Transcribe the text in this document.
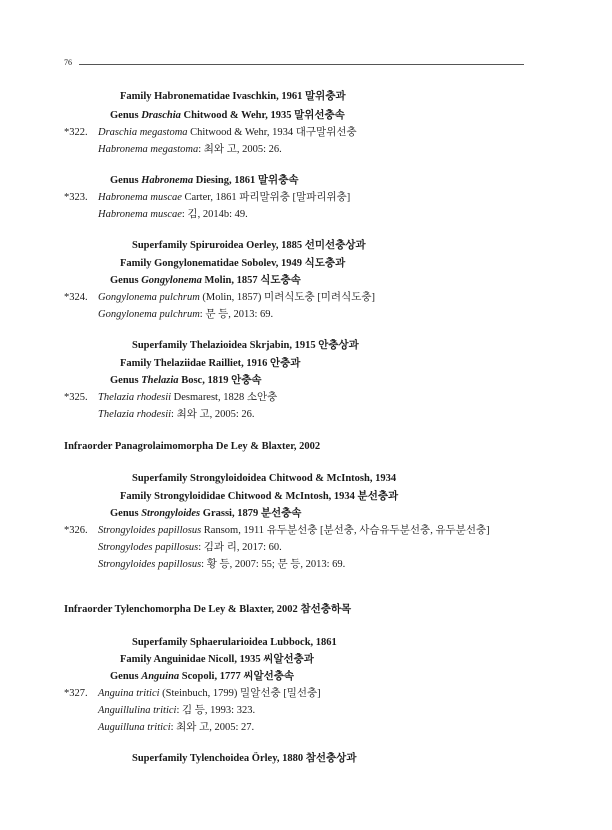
76
Family Habronematidae Ivaschkin, 1961 말위충과
Genus Draschia Chitwood & Wehr, 1935 말위선충속
*322. Draschia megastoma Chitwood & Wehr, 1934 대구말위선충
Habronema megastoma: 최와 고, 2005: 26.
Genus Habronema Diesing, 1861 말위충속
*323. Habronema muscae Carter, 1861 파리말위충 [말파리위충]
Habronema muscae: 김, 2014b: 49.
Superfamily Spiruroidea Oerley, 1885 선미선충상과
Family Gongylonematidae Sobolev, 1949 식도충과
Genus Gongylonema Molin, 1857 식도충속
*324. Gongylonema pulchrum (Molin, 1857) 미려식도충 [미려식도충]
Gongylonema pulchrum: 문 등, 2013: 69.
Superfamily Thelazioidea Skrjabin, 1915 안충상과
Family Thelaziidae Railliet, 1916 안충과
Genus Thelazia Bosc, 1819 안충속
*325. Thelazia rhodesii Desmarest, 1828 소안충
Thelazia rhodesii: 최와 고, 2005: 26.
Infraorder Panagrolaimomorpha De Ley & Blaxter, 2002
Superfamily Strongyloidoidea Chitwood & McIntosh, 1934
Family Strongyloididae Chitwood & McIntosh, 1934 분선충과
Genus Strongyloides Grassi, 1879 분선충속
*326. Strongyloides papillosus Ransom, 1911 유두분선충 [분선충, 사슴유두분선충, 유두분선충]
Strongylodes papillosus: 김과 리, 2017: 60.
Strongyloides papillosus: 황 등, 2007: 55; 문 등, 2013: 69.
Infraorder Tylenchomorpha De Ley & Blaxter, 2002 참선충하목
Superfamily Sphaerularioidea Lubbock, 1861
Family Anguinidae Nicoll, 1935 씨알선충과
Genus Anguina Scopoli, 1777 씨알선충속
*327. Anguina tritici (Steinbuch, 1799) 밀알선충 [밀선충]
Anguillulina tritici: 김 등, 1993: 323.
Auguilluna tritici: 최와 고, 2005: 27.
Superfamily Tylenchoidea Örley, 1880 참선충상과
